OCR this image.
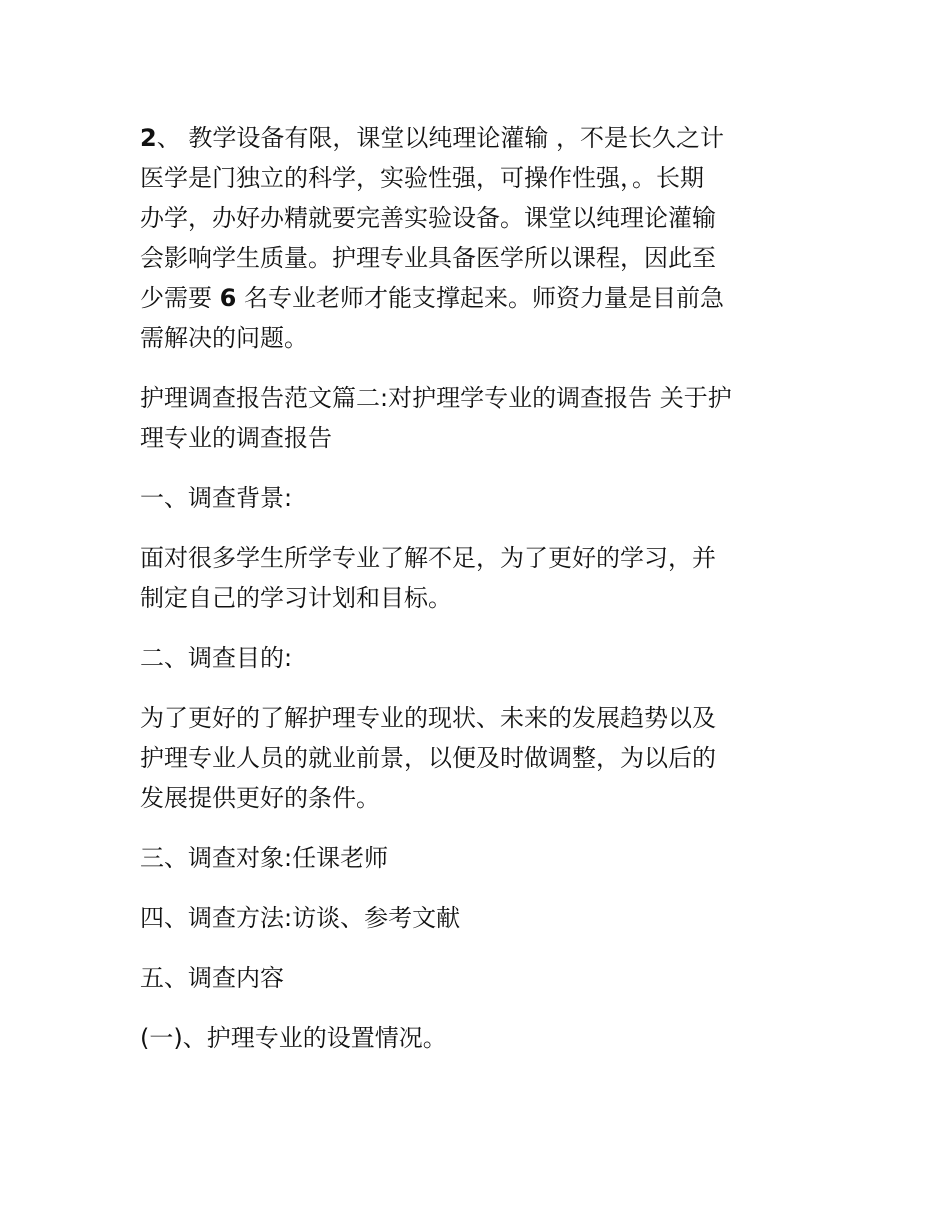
2、 教学设备有限，课堂以纯理论灌输 ，不是长久之计
医学是门独立的科学，实验性强，可操作性强，。长期
办学，办好办精就要完善实验设备。课堂以纯理论灌输
会影响学生质量。护理专业具备医学所以课程，因此至
少需要 6 名专业老师才能支撑起来。师资力量是目前急
需解决的问题。

护理调查报告范文篇二:对护理学专业的调查报告 关于护
理专业的调查报告

一、调查背景:

面对很多学生所学专业了解不足，为了更好的学习，并
制定自己的学习计划和目标。

二、调查目的:

为了更好的了解护理专业的现状、未来的发展趋势以及
护理专业人员的就业前景，以便及时做调整，为以后的
发展提供更好的条件。

三、调查对象:任课老师

四、调查方法:访谈、参考文献

五、调查内容

(一)、护理专业的设置情况。
